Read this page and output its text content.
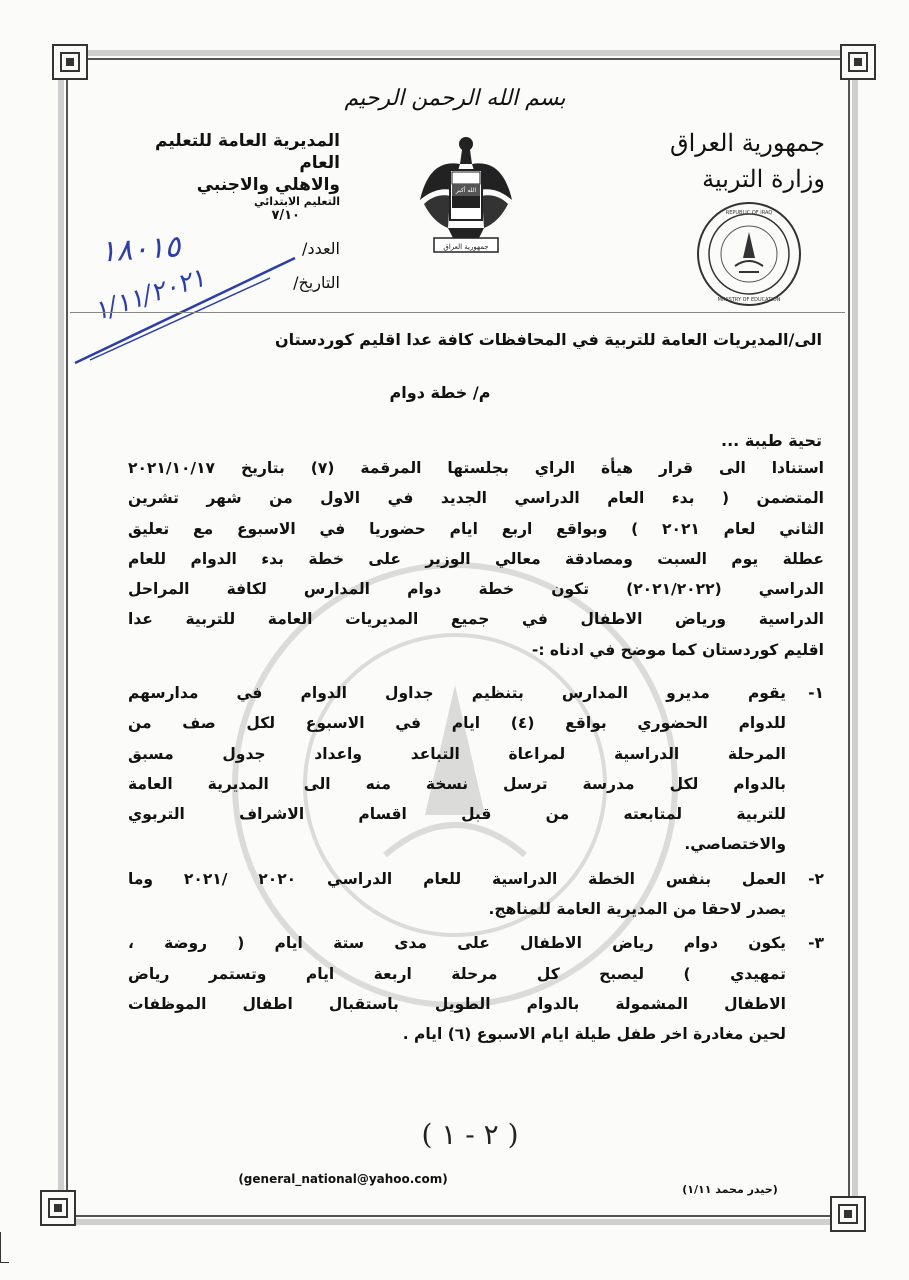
بسم الله الرحمن الرحيم
جمهورية العراق
وزارة التربية
المديرية العامة للتعليم العام
والاهلي والاجنبي
التعليم الابتدائي
٧/١٠
العدد/
التاريخ/
١٨٠١٥
١/١١/٢٠٢١
الله أكبر
جمهورية العراق
REPUBLIC OF IRAQ
MINISTRY OF EDUCATION
الى/المديريات العامة للتربية في المحافظات كافة عدا اقليم كوردستان
م/ خطة دوام
تحية طيبة ...
استنادا الى قرار هيأة الراي بجلستها المرقمة (٧) بتاريخ ٢٠٢١/١٠/١٧
المتضمن ( بدء العام الدراسي الجديد في الاول من شهر تشرين
الثاني لعام ٢٠٢١ ) وبواقع اربع ايام حضوريا في الاسبوع مع تعليق
عطلة يوم السبت ومصادقة معالي الوزير على خطة بدء الدوام للعام
الدراسي (٢٠٢١/٢٠٢٢) تكون خطة دوام المدارس لكافة المراحل
الدراسية ورياض الاطفال في جميع المديريات العامة للتربية عدا
اقليم كوردستان كما موضح في ادناه :-
١-
يقوم مديرو المدارس بتنظيم جداول الدوام في مدارسهم
للدوام الحضوري بواقع (٤) ايام في الاسبوع لكل صف من
المرحلة الدراسية لمراعاة التباعد واعداد جدول مسبق
بالدوام لكل مدرسة ترسل نسخة منه الى المديرية العامة
للتربية لمتابعته من قبل اقسام الاشراف التربوي
والاختصاصي.
٢-
العمل بنفس الخطة الدراسية للعام الدراسي ٢٠٢٠ /٢٠٢١ وما
يصدر لاحقا من المديرية العامة للمناهج.
٣-
يكون دوام رياض الاطفال على مدى ستة ايام ( روضة ،
تمهيدي ) ليصبح كل مرحلة اربعة ايام وتستمر رياض
الاطفال المشمولة بالدوام الطويل باستقبال اطفال الموظفات
لحين مغادرة اخر طفل طيلة ايام الاسبوع (٦) ايام .
( ٢ - ١ )
(general_national@yahoo.com)
(حيدر محمد ١/١١)
